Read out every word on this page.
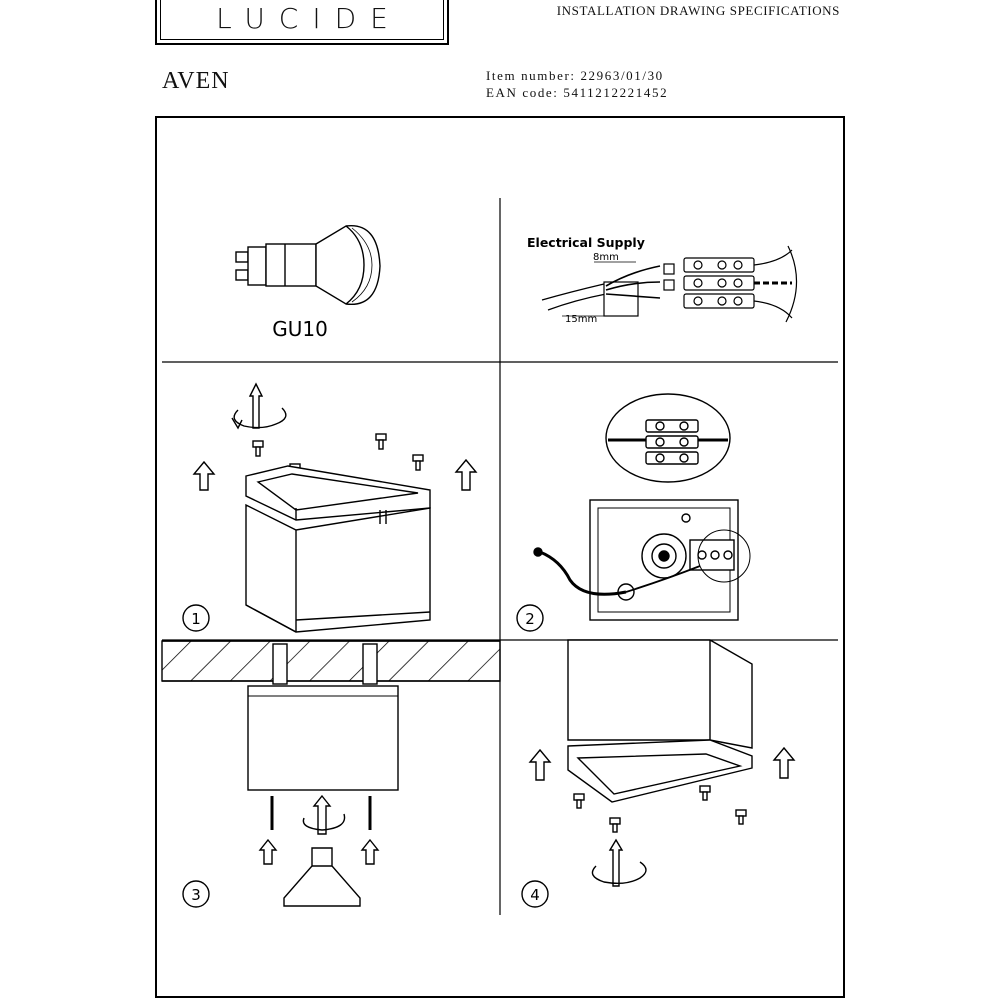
LUCIDE	INSTALLATION DRAWING SPECIFICATIONS
AVEN	Item number: 22963/01/30
EAN code: 5411212221452
GU10
Electrical Supply
8mm
15mm
1	2
3	4
